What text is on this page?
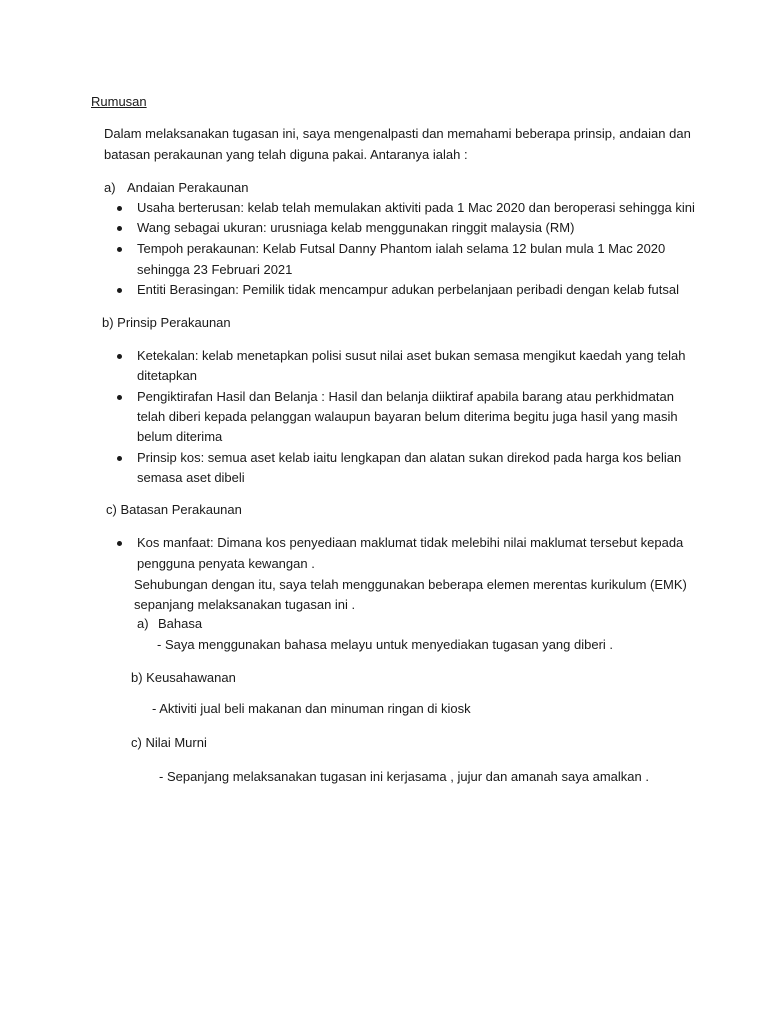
Rumusan
Dalam melaksanakan tugasan ini, saya mengenalpasti dan memahami beberapa prinsip, andaian dan
batasan perakaunan yang telah diguna pakai. Antaranya ialah :
a) Andaian Perakaunan
Usaha berterusan: kelab telah memulakan aktiviti pada 1 Mac 2020 dan beroperasi sehingga kini
Wang sebagai ukuran: urusniaga kelab menggunakan ringgit malaysia (RM)
Tempoh perakaunan: Kelab Futsal Danny Phantom ialah selama 12 bulan mula 1 Mac 2020
sehingga 23 Februari 2021
Entiti Berasingan: Pemilik tidak mencampur adukan perbelanjaan peribadi dengan kelab futsal
b) Prinsip Perakaunan
Ketekalan: kelab menetapkan polisi susut nilai aset bukan semasa mengikut kaedah yang telah
ditetapkan
Pengiktirafan Hasil dan Belanja : Hasil dan belanja diiktiraf apabila barang atau perkhidmatan
telah diberi kepada pelanggan walaupun bayaran belum diterima begitu juga hasil yang masih
belum diterima
Prinsip kos: semua aset kelab iaitu lengkapan dan alatan sukan direkod pada harga kos belian
semasa aset dibeli
c) Batasan Perakaunan
Kos manfaat: Dimana kos penyediaan maklumat tidak melebihi nilai maklumat tersebut kepada
pengguna penyata kewangan .
Sehubungan dengan itu, saya telah menggunakan beberapa elemen merentas kurikulum (EMK)
sepanjang melaksanakan tugasan ini .
a) Bahasa
- Saya menggunakan bahasa melayu untuk menyediakan tugasan yang diberi .
b) Keusahawanan
- Aktiviti jual beli makanan dan minuman ringan di kiosk
c) Nilai Murni
- Sepanjang melaksanakan tugasan ini kerjasama , jujur dan amanah saya amalkan .
